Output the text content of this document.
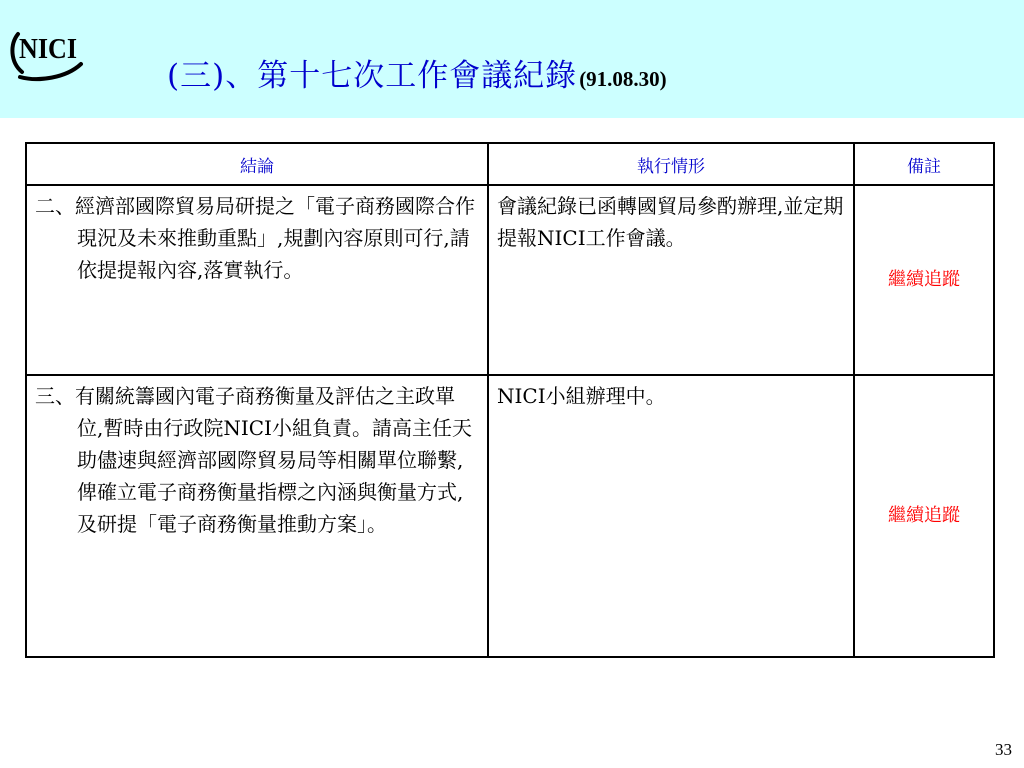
NICI
(三)、第十七次工作會議紀錄(91.08.30)
結論	執行情形	備註

二、經濟部國際貿易局研提之「電子商務國際合作現況及未來推動重點」,規劃內容原則可行,請依提提報內容,落實執行。	會議紀錄已函轉國貿局參酌辦理,並定期提報NICI工作會議。	繼續追蹤

三、有關統籌國內電子商務衡量及評估之主政單位,暫時由行政院NICI小組負責。請高主任天助儘速與經濟部國際貿易局等相關單位聯繫,俾確立電子商務衡量指標之內涵與衡量方式,及研提「電子商務衡量推動方案」。	NICI小組辦理中。	繼續追蹤
33
